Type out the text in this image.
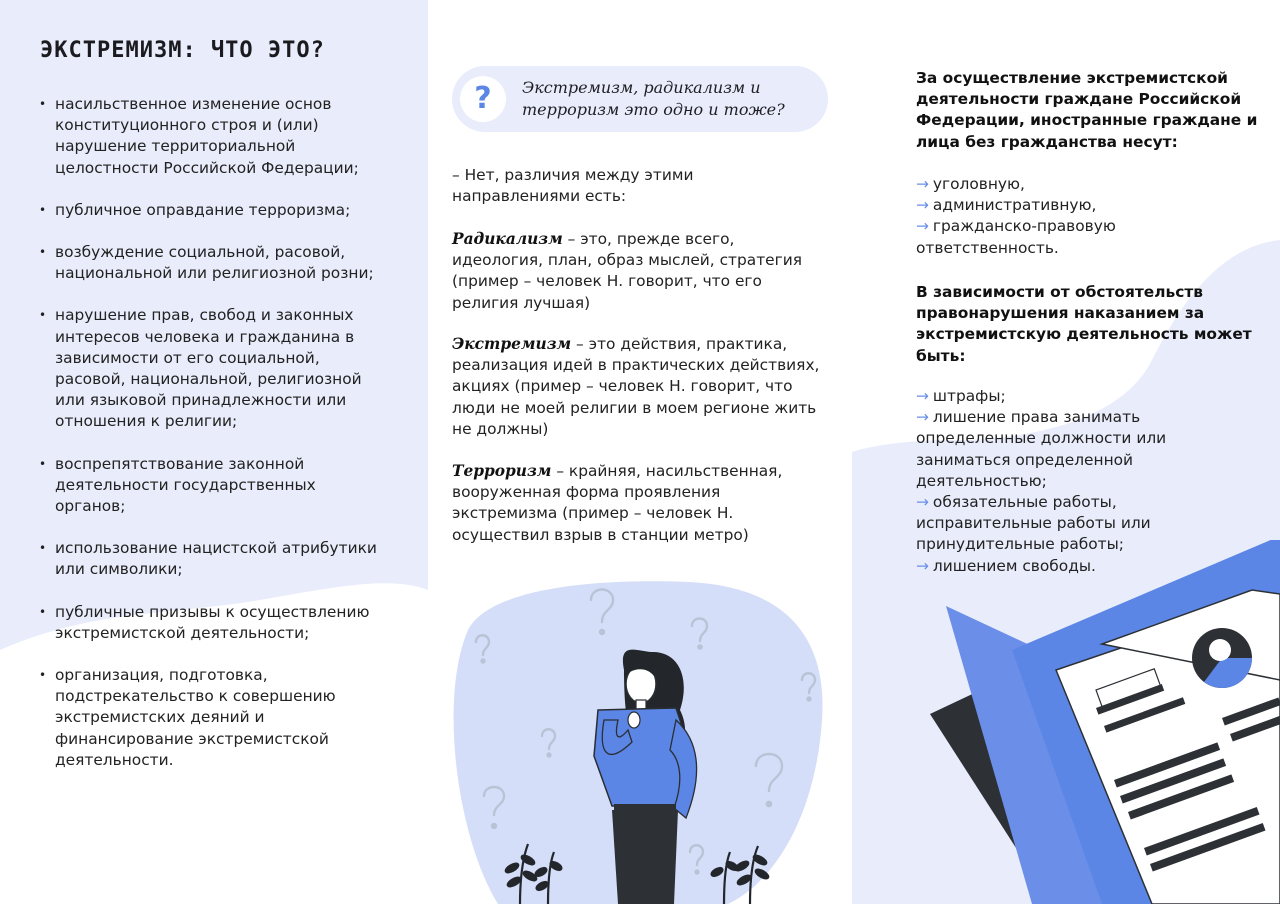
ЭКСТРЕМИЗМ: ЧТО ЭТО?
• насильственное изменение основ конституционного строя и (или) нарушение территориальной целостности Российской Федерации;
• публичное оправдание терроризма;
• возбуждение социальной, расовой, национальной или религиозной розни;
• нарушение прав, свобод и законных интересов человека и гражданина в зависимости от его социальной, расовой, национальной, религиозной или языковой принадлежности или отношения к религии;
• воспрепятствование законной деятельности государственных органов;
• использование нацистской атрибутики или символики;
• публичные призывы к осуществлению экстремистской деятельности;
• организация, подготовка, подстрекательство к совершению экстремистских деяний и финансирование экстремистской деятельности.
?	Экстремизм, радикализм и терроризм это одно и тоже?

– Нет, различия между этими направлениями есть:

Радикализм – это, прежде всего, идеология, план, образ мыслей, стратегия (пример – человек Н. говорит, что его религия лучшая)

Экстремизм – это действия, практика, реализация идей в практических действиях, акциях (пример – человек Н. говорит, что люди не моей религии в моем регионе жить не должны)

Терроризм – крайняя, насильственная, вооруженная форма проявления экстремизма (пример – человек Н. осуществил взрыв в станции метро)

За осуществление экстремистской деятельности граждане Российской Федерации, иностранные граждане и лица без гражданства несут:
→ уголовную,
→ административную,
→ гражданско-правовую
ответственность.
В зависимости от обстоятельств правонарушения наказанием за экстремистскую деятельность может быть:
→ штрафы;
→ лишение права занимать определенные должности или заниматься определенной деятельностью;
→ обязательные работы, исправительные работы или принудительные работы;
→ лишением свободы.
